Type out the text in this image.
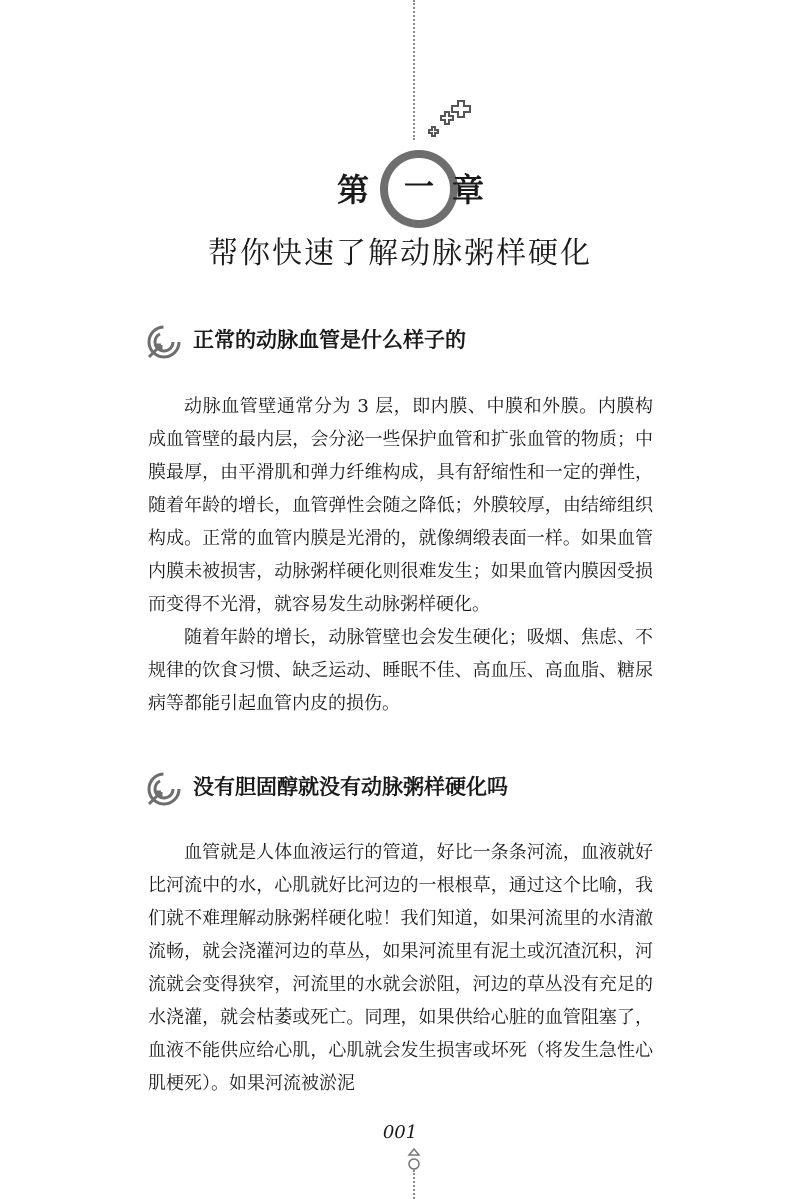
第	一 章
帮你快速了解动脉粥样硬化
正常的动脉血管是什么样子的

动脉血管壁通常分为 3 层，即内膜、中膜和外膜。内膜构成血管壁的最内层，会分泌一些保护血管和扩张血管的物质；中膜最厚，由平滑肌和弹力纤维构成，具有舒缩性和一定的弹性，随着年龄的增长，血管弹性会随之降低；外膜较厚，由结缔组织构成。正常的血管内膜是光滑的，就像绸缎表面一样。如果血管内膜未被损害，动脉粥样硬化则很难发生；如果血管内膜因受损而变得不光滑，就容易发生动脉粥样硬化。

随着年龄的增长，动脉管壁也会发生硬化；吸烟、焦虑、不规律的饮食习惯、缺乏运动、睡眠不佳、高血压、高血脂、糖尿病等都能引起血管内皮的损伤。

没有胆固醇就没有动脉粥样硬化吗

血管就是人体血液运行的管道，好比一条条河流，血液就好比河流中的水，心肌就好比河边的一根根草，通过这个比喻，我们就不难理解动脉粥样硬化啦！我们知道，如果河流里的水清澈流畅，就会浇灌河边的草丛，如果河流里有泥土或沉渣沉积，河流就会变得狭窄，河流里的水就会淤阻，河边的草丛没有充足的水浇灌，就会枯萎或死亡。同理，如果供给心脏的血管阻塞了，血液不能供应给心肌，心肌就会发生损害或坏死（将发生急性心肌梗死）。如果河流被淤泥

001
